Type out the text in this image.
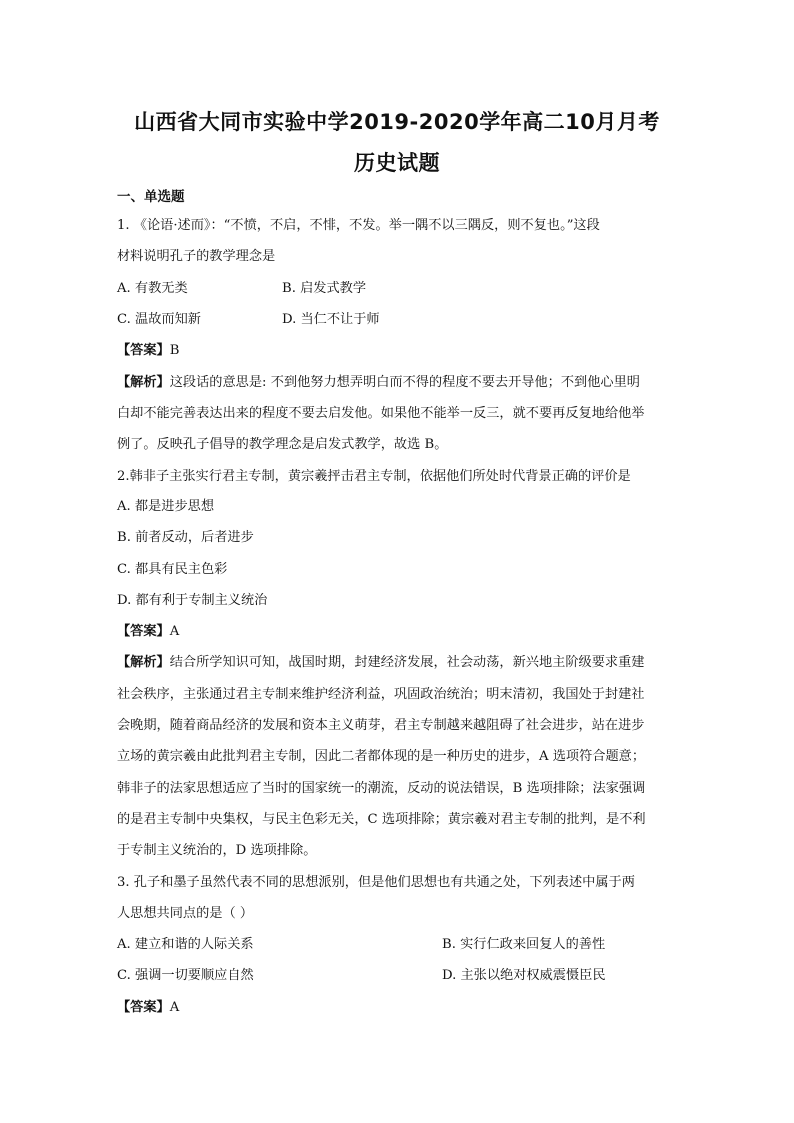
山西省大同市实验中学2019-2020学年高二10月月考
历史试题
一、单选题
1. 《论语·述而》：“不愤，不启，不悱，不发。举一隅不以三隅反，则不复也。”这段
材料说明孔子的教学理念是
A. 有教无类	B. 启发式教学
C. 温故而知新	D. 当仁不让于师
【答案】B
【解析】这段话的意思是: 不到他努力想弄明白而不得的程度不要去开导他；不到他心里明
白却不能完善表达出来的程度不要去启发他。如果他不能举一反三，就不要再反复地给他举
例了。反映孔子倡导的教学理念是启发式教学，故选 B。
2.韩非子主张实行君主专制，黄宗羲抨击君主专制，依据他们所处时代背景正确的评价是
A. 都是进步思想
B. 前者反动，后者进步
C. 都具有民主色彩
D. 都有利于专制主义统治
【答案】A
【解析】结合所学知识可知，战国时期，封建经济发展，社会动荡，新兴地主阶级要求重建
社会秩序，主张通过君主专制来维护经济利益，巩固政治统治；明末清初，我国处于封建社
会晚期，随着商品经济的发展和资本主义萌芽，君主专制越来越阻碍了社会进步，站在进步
立场的黄宗羲由此批判君主专制，因此二者都体现的是一种历史的进步，A 选项符合题意；
韩非子的法家思想适应了当时的国家统一的潮流，反动的说法错误，B 选项排除；法家强调
的是君主专制中央集权，与民主色彩无关，C 选项排除；黄宗羲对君主专制的批判，是不利
于专制主义统治的，D 选项排除。
3. 孔子和墨子虽然代表不同的思想派别，但是他们思想也有共通之处，下列表述中属于两
人思想共同点的是（ ）
A. 建立和谐的人际关系	B. 实行仁政来回复人的善性
C. 强调一切要顺应自然	D. 主张以绝对权威震慑臣民
【答案】A
